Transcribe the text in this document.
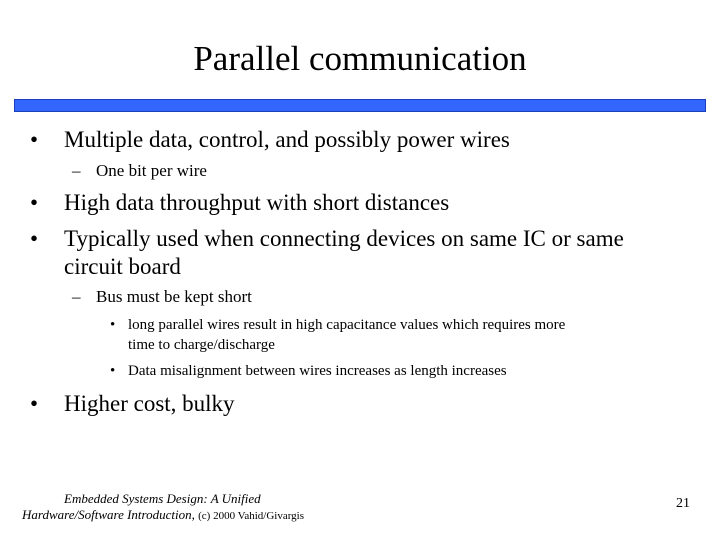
Parallel communication
• Multiple data, control, and possibly power wires
– One bit per wire
• High data throughput with short distances
• Typically used when connecting devices on same IC or same
circuit board
– Bus must be kept short
• long parallel wires result in high capacitance values which requires more
time to charge/discharge
• Data misalignment between wires increases as length increases
• Higher cost, bulky
Embedded Systems Design: A Unified
Hardware/Software Introduction, (c) 2000 Vahid/Givargis
21
